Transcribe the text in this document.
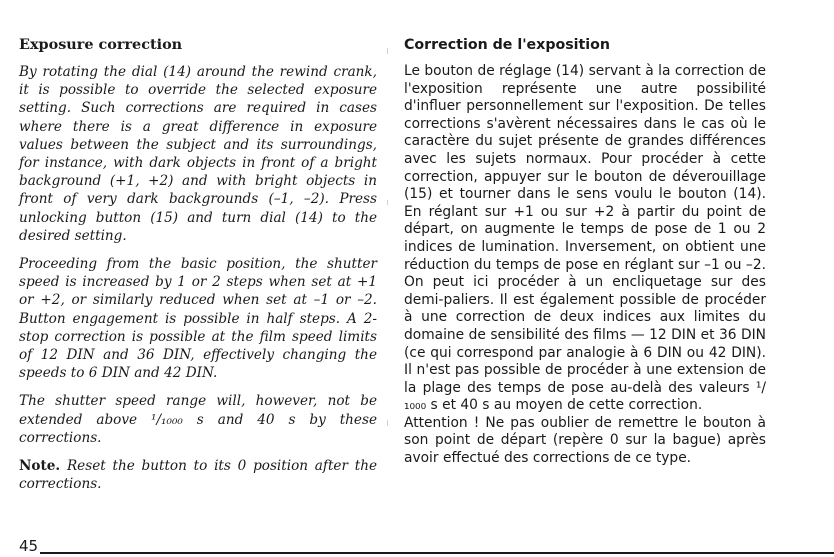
Exposure correction

By rotating the dial (14) around the rewind crank, it is possible to override the selected exposure setting. Such corrections are required in cases where there is a great difference in exposure values between the subject and its surroundings, for instance, with dark objects in front of a bright background (+1, +2) and with bright objects in front of very dark backgrounds (–1, –2). Press unlocking button (15) and turn dial (14) to the desired setting.

Proceeding from the basic position, the shutter speed is increased by 1 or 2 steps when set at +1 or +2, or similarly reduced when set at –1 or –2. Button engagement is possible in half steps. A 2-stop correction is possible at the film speed limits of 12 DIN and 36 DIN, effectively changing the speeds to 6 DIN and 42 DIN.

The shutter speed range will, however, not be extended above ¹/₁₀₀₀ s and 40 s by these corrections.

Note. Reset the button to its 0 position after the corrections.

Correction de l'exposition

Le bouton de réglage (14) servant à la correction de l'exposition représente une autre possibilité d'influer personnellement sur l'exposition. De telles corrections s'avèrent nécessaires dans le cas où le caractère du sujet présente de grandes différences avec les sujets normaux. Pour procéder à cette correction, appuyer sur le bouton de déverouillage (15) et tourner dans le sens voulu le bouton (14). En réglant sur +1 ou sur +2 à partir du point de départ, on augmente le temps de pose de 1 ou 2 indices de lumination. Inversement, on obtient une réduction du temps de pose en réglant sur –1 ou –2. On peut ici procéder à un encliquetage sur des demi-paliers. Il est également possible de procéder à une correction de deux indices aux limites du domaine de sensibilité des films — 12 DIN et 36 DIN (ce qui correspond par analogie à 6 DIN ou 42 DIN). Il n'est pas possible de procéder à une extension de la plage des temps de pose au-delà des valeurs ¹/₁₀₀₀ s et 40 s au moyen de cette correction.

Attention ! Ne pas oublier de remettre le bouton à son point de départ (repère 0 sur la bague) après avoir effectué des corrections de ce type.

45
